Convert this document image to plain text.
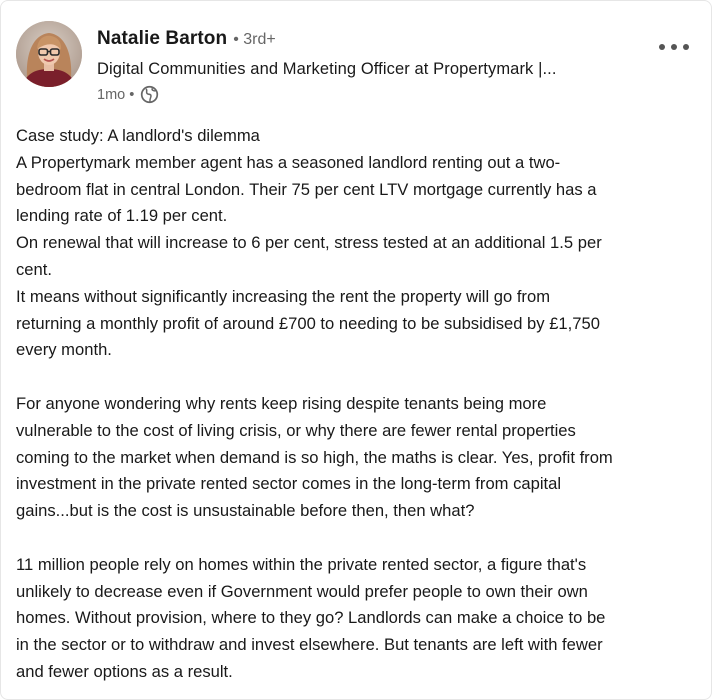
Natalie Barton • 3rd+
Digital Communities and Marketing Officer at Propertymark |...
1mo •

Case study: A landlord's dilemma
A Propertymark member agent has a seasoned landlord renting out a two-
bedroom flat in central London. Their 75 per cent LTV mortgage currently has a
lending rate of 1.19 per cent.
On renewal that will increase to 6 per cent, stress tested at an additional 1.5 per
cent.
It means without significantly increasing the rent the property will go from
returning a monthly profit of around £700 to needing to be subsidised by £1,750
every month.

For anyone wondering why rents keep rising despite tenants being more
vulnerable to the cost of living crisis, or why there are fewer rental properties
coming to the market when demand is so high, the maths is clear. Yes, profit from
investment in the private rented sector comes in the long-term from capital
gains...but is the cost is unsustainable before then, then what?

11 million people rely on homes within the private rented sector, a figure that's
unlikely to decrease even if Government would prefer people to own their own
homes. Without provision, where to they go? Landlords can make a choice to be
in the sector or to withdraw and invest elsewhere. But tenants are left with fewer
and fewer options as a result.
